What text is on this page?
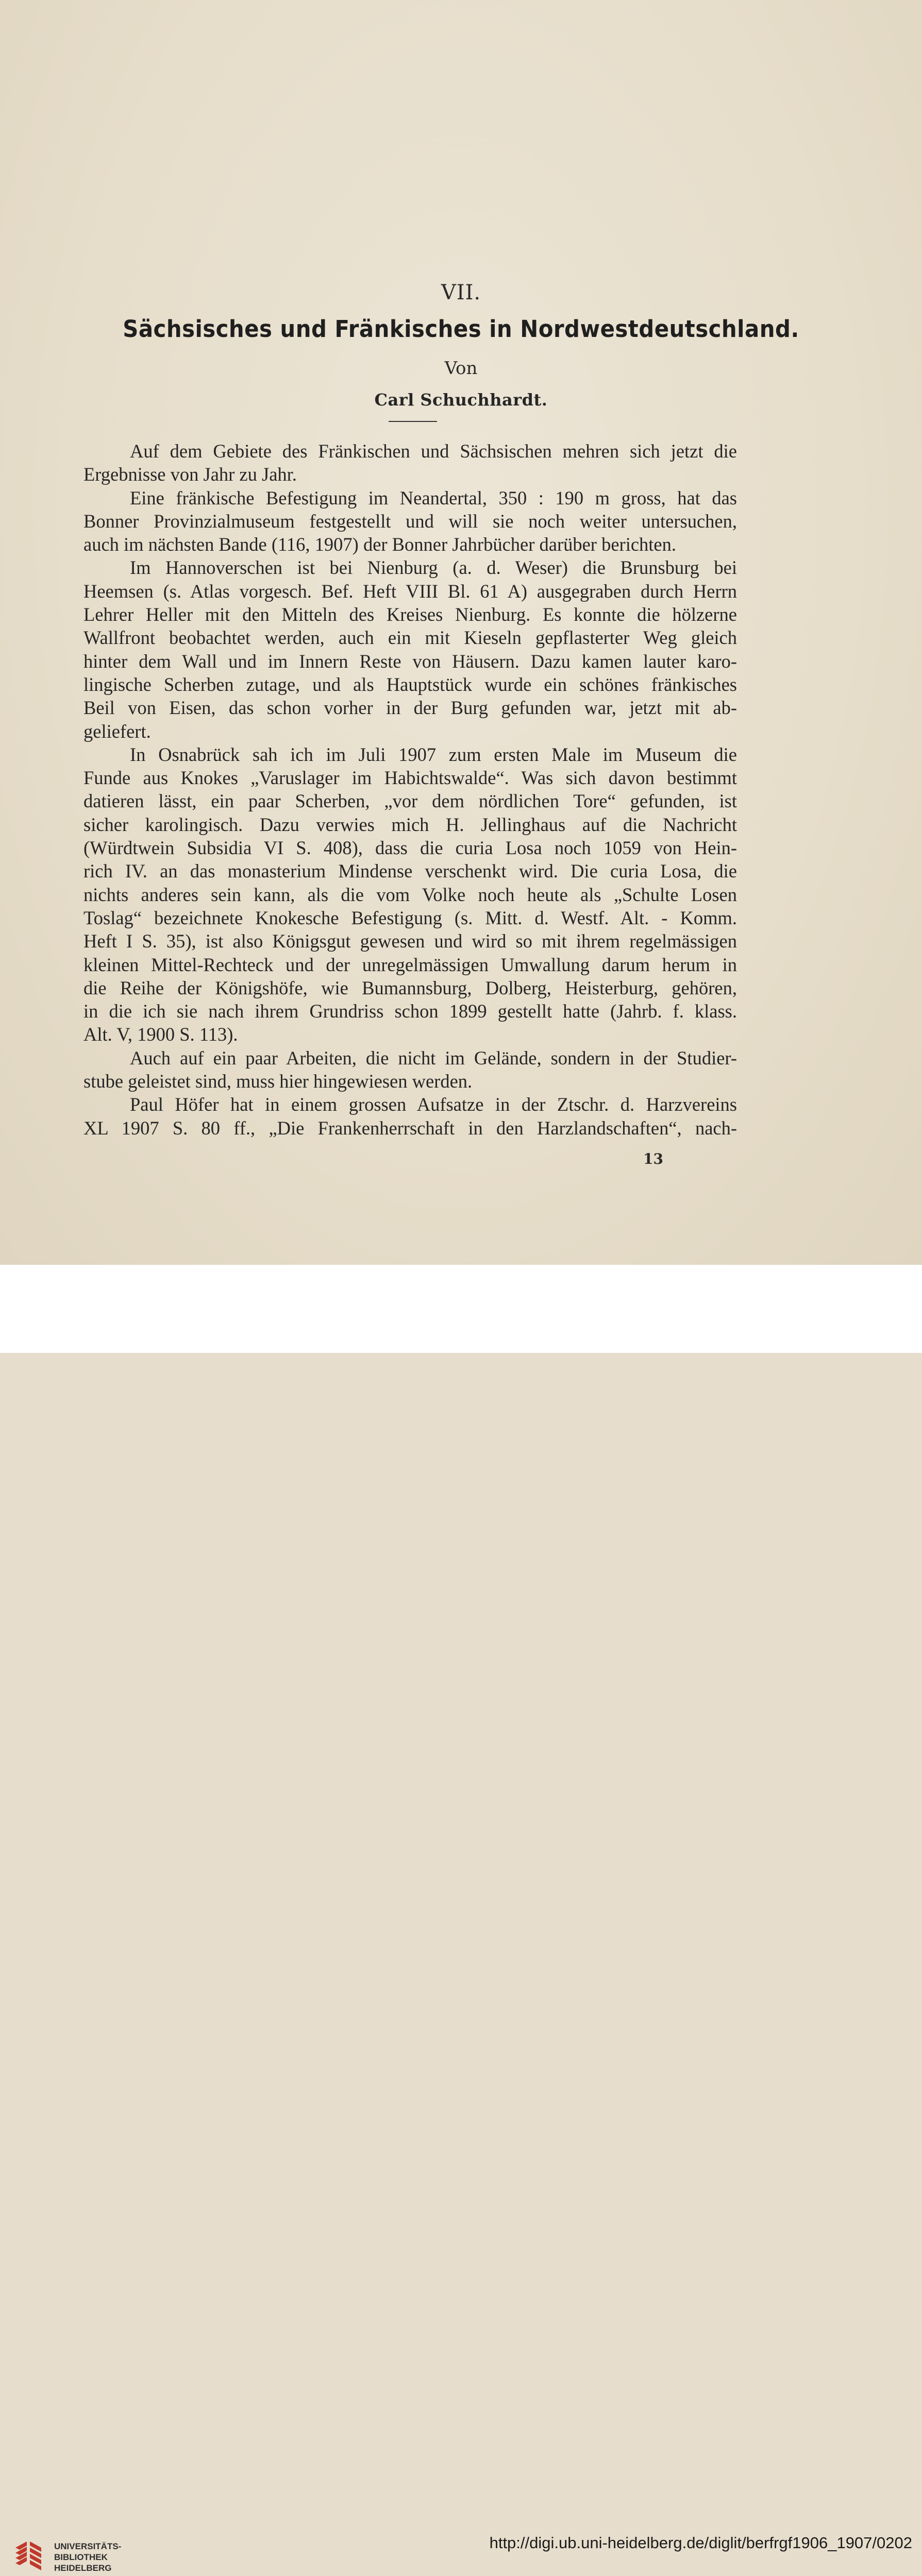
VII.
Sächsisches und Fränkisches in Nordwestdeutschland.
Von
Carl Schuchhardt.
Auf dem Gebiete des Fränkischen und Sächsischen mehren sich jetzt die
Ergebnisse von Jahr zu Jahr.
Eine fränkische Befestigung im Neandertal, 350 : 190 m gross, hat das
Bonner Provinzialmuseum festgestellt und will sie noch weiter untersuchen,
auch im nächsten Bande (116, 1907) der Bonner Jahrbücher darüber berichten.
Im Hannoverschen ist bei Nienburg (a. d. Weser) die Brunsburg bei
Heemsen (s. Atlas vorgesch. Bef. Heft VIII Bl. 61 A) ausgegraben durch Herrn
Lehrer Heller mit den Mitteln des Kreises Nienburg. Es konnte die hölzerne
Wallfront beobachtet werden, auch ein mit Kieseln gepflasterter Weg gleich
hinter dem Wall und im Innern Reste von Häusern. Dazu kamen lauter karo-
lingische Scherben zutage, und als Hauptstück wurde ein schönes fränkisches
Beil von Eisen, das schon vorher in der Burg gefunden war, jetzt mit ab-
geliefert.
In Osnabrück sah ich im Juli 1907 zum ersten Male im Museum die
Funde aus Knokes „Varuslager im Habichtswalde“. Was sich davon bestimmt
datieren lässt, ein paar Scherben, „vor dem nördlichen Tore“ gefunden, ist
sicher karolingisch. Dazu verwies mich H. Jellinghaus auf die Nachricht
(Würdtwein Subsidia VI S. 408), dass die curia Losa noch 1059 von Hein-
rich IV. an das monasterium Mindense verschenkt wird. Die curia Losa, die
nichts anderes sein kann, als die vom Volke noch heute als „Schulte Losen
Toslag“ bezeichnete Knokesche Befestigung (s. Mitt. d. Westf. Alt. - Komm.
Heft I S. 35), ist also Königsgut gewesen und wird so mit ihrem regelmässigen
kleinen Mittel-Rechteck und der unregelmässigen Umwallung darum herum in
die Reihe der Königshöfe, wie Bumannsburg, Dolberg, Heisterburg, gehören,
in die ich sie nach ihrem Grundriss schon 1899 gestellt hatte (Jahrb. f. klass.
Alt. V, 1900 S. 113).
Auch auf ein paar Arbeiten, die nicht im Gelände, sondern in der Studier-
stube geleistet sind, muss hier hingewiesen werden.
Paul Höfer hat in einem grossen Aufsatze in der Ztschr. d. Harzvereins
XL 1907 S. 80 ff., „Die Frankenherrschaft in den Harzlandschaften“, nach-
13
UNIVERSITÄTS-
BIBLIOTHEK
HEIDELBERG
http://digi.ub.uni-heidelberg.de/diglit/berfrgf1906_1907/0202
